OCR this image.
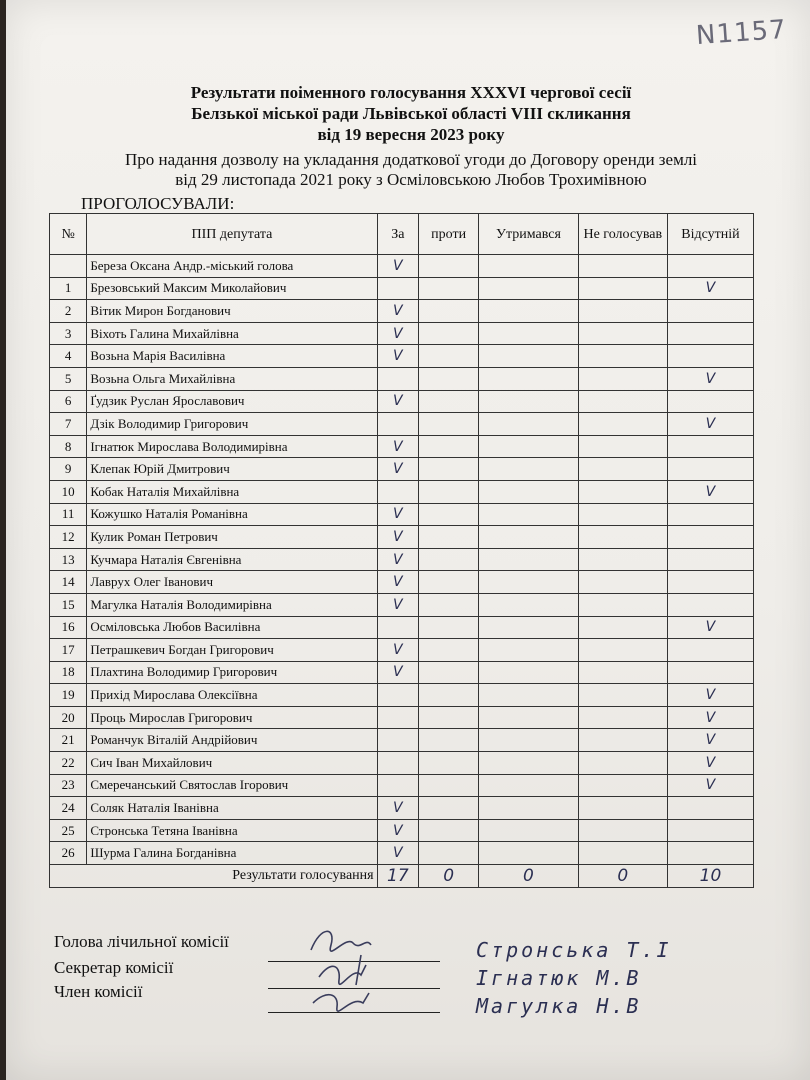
N1157
Результати поіменного голосування XXXVI чергової сесії
Белзької міської ради Львівської області VIII скликання
від 19 вересня 2023 року
Про надання дозволу на укладання додаткової угоди до Договору оренди землі
від 29 листопада 2021 року з Осміловською Любов Трохимівною
ПРОГОЛОСУВАЛИ:
№	ПІП депутата	За	проти	Утримався	Не голосував	Відсутній
	Береза Оксана Андр.-міський голова	V				
1	Брезовський Максим Миколайович					V
2	Вітик Мирон Богданович	V				
3	Віхоть Галина Михайлівна	V				
4	Возьна Марія Василівна	V				
5	Возьна Ольга Михайлівна					V
6	Ґудзик Руслан Ярославович	V				
7	Дзік Володимир Григорович					V
8	Ігнатюк Мирослава Володимирівна	V				
9	Клепак Юрій Дмитрович	V				
10	Кобак Наталія Михайлівна					V
11	Кожушко Наталія Романівна	V				
12	Кулик Роман Петрович	V				
13	Кучмара Наталія Євгенівна	V				
14	Лаврух Олег Іванович	V				
15	Магулка Наталія Володимирівна	V				
16	Осміловська Любов Василівна					V
17	Петрашкевич Богдан Григорович	V				
18	Плахтина Володимир Григорович	V				
19	Прихід Мирослава Олексіївна					V
20	Проць Мирослав Григорович					V
21	Романчук Віталій Андрійович					V
22	Сич Іван Михайлович					V
23	Смеречанський Святослав Ігорович					V
24	Соляк Наталія Іванівна	V				
25	Стронська Тетяна Іванівна	V				
26	Шурма Галина Богданівна	V				
Результати голосування		17	0	0	0	10
Голова лічильної комісії
Секретар комісії
Член комісії
Стронська Т.І
Ігнатюк М.В
Магулка Н.В
